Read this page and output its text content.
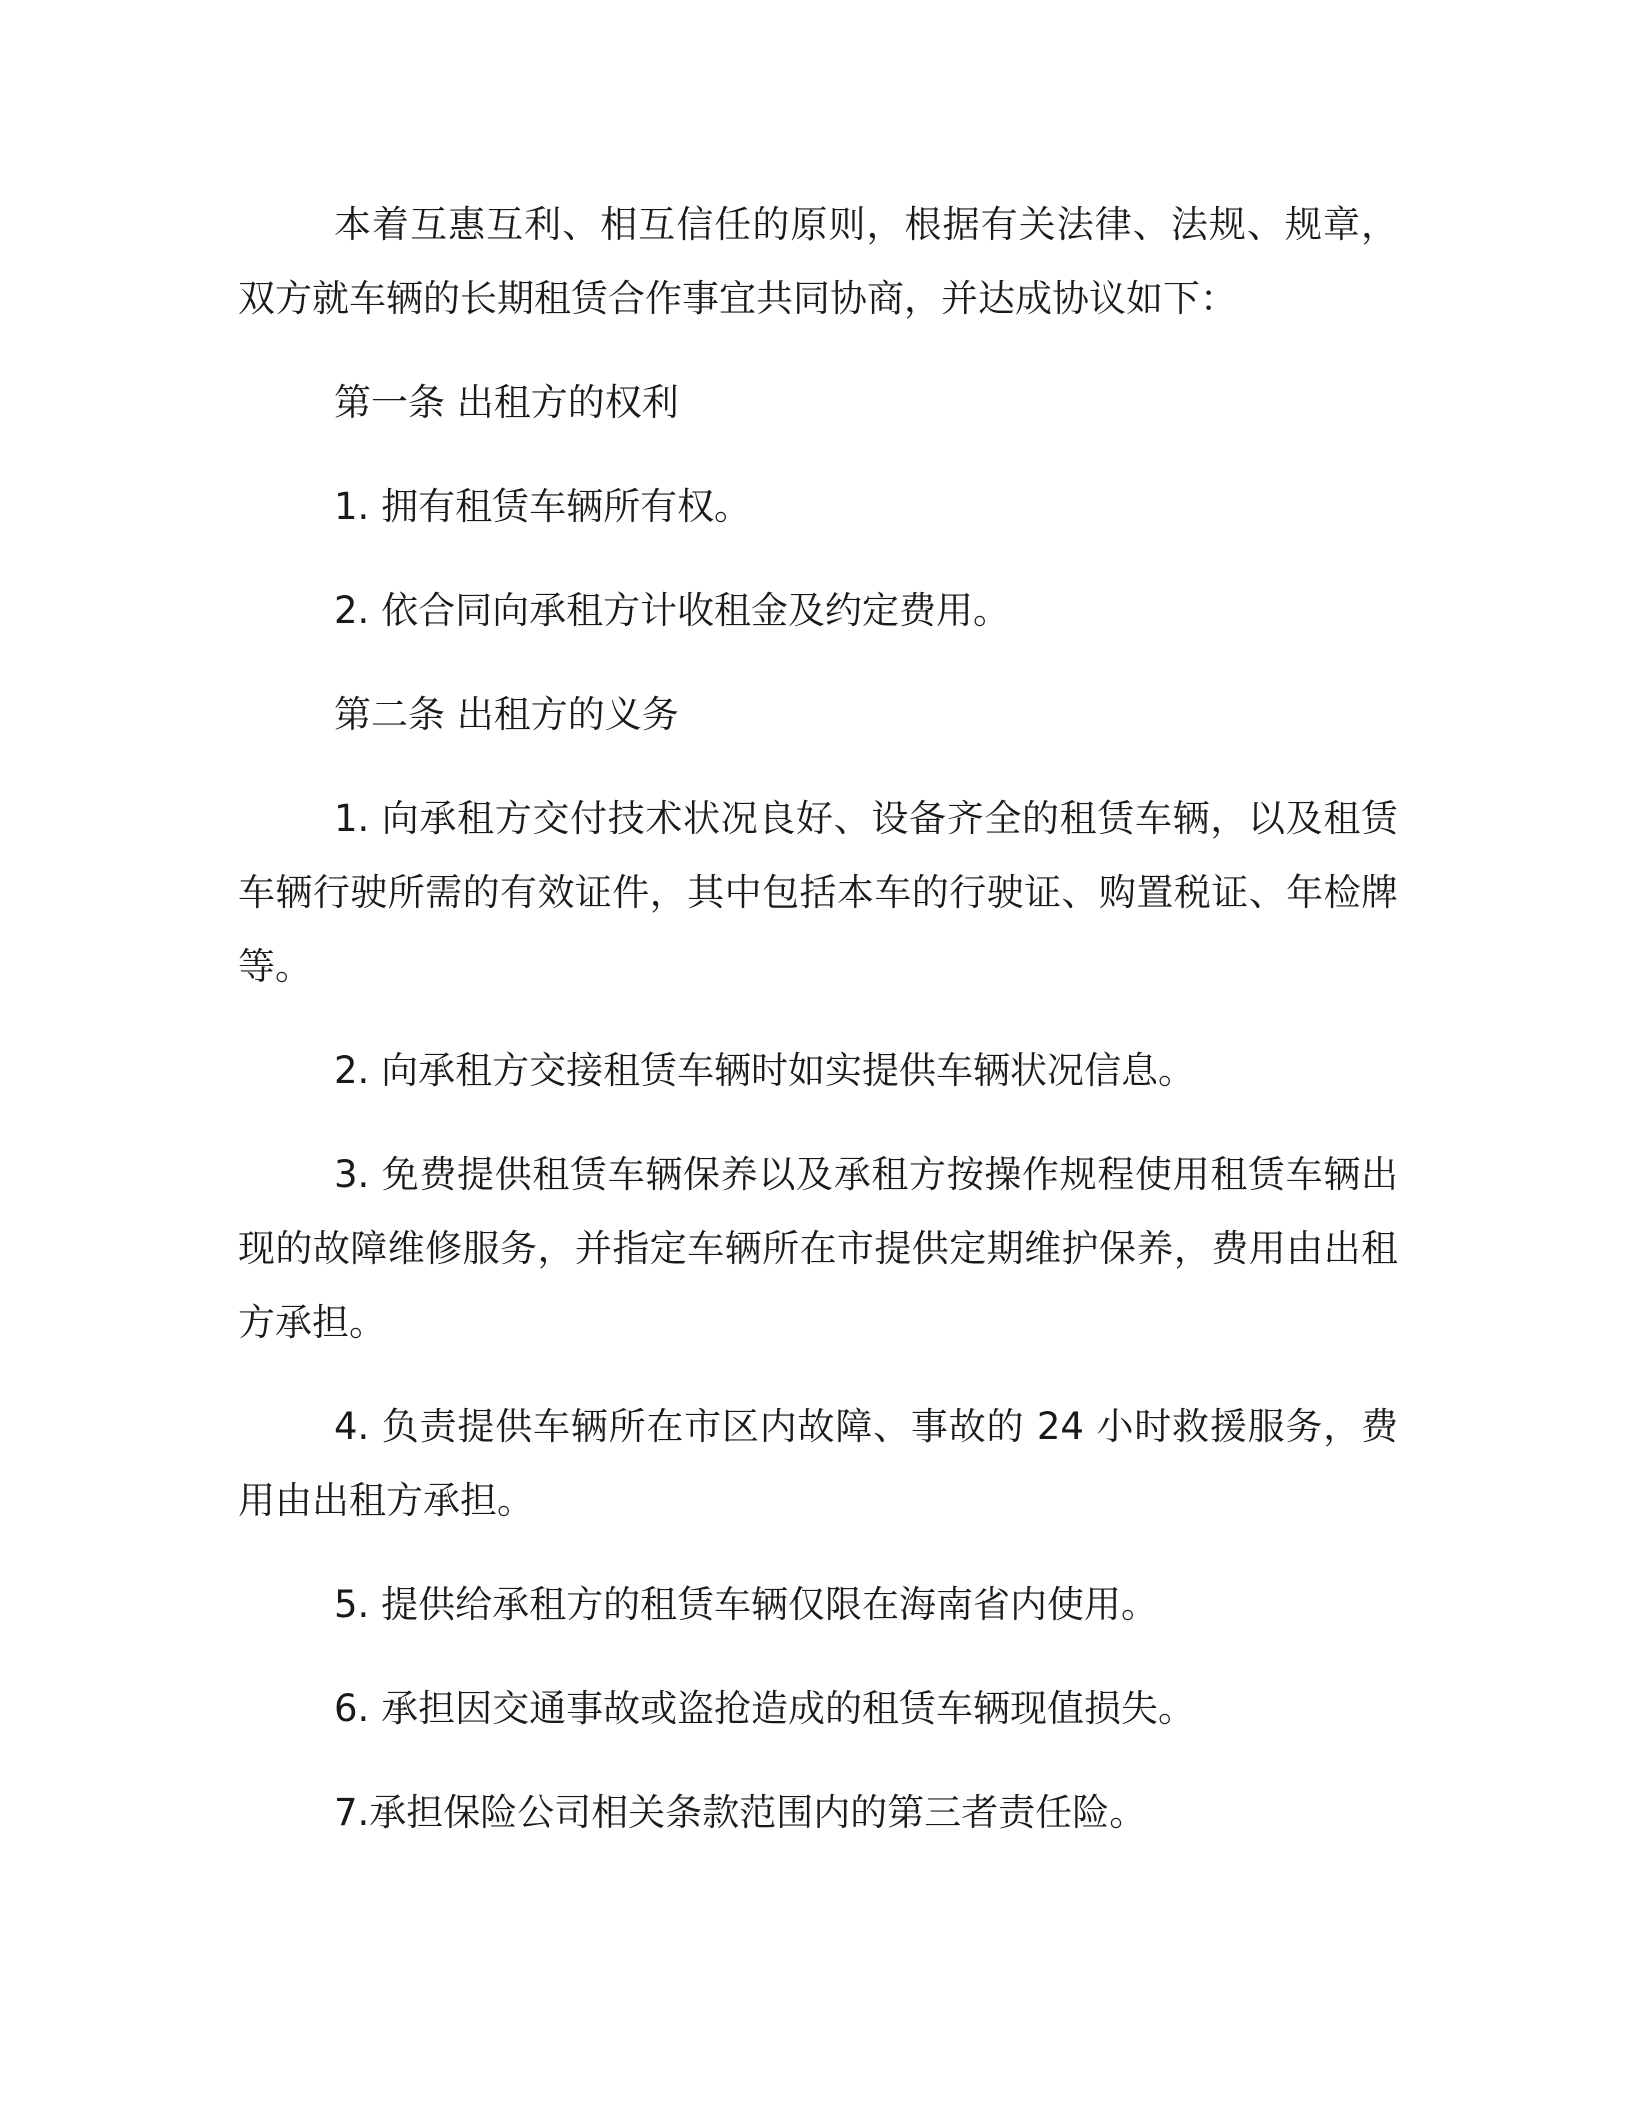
本着互惠互利、相互信任的原则，根据有关法律、法规、规章，双方就车辆的长期租赁合作事宜共同协商，并达成协议如下：

第一条 出租方的权利

1. 拥有租赁车辆所有权。

2. 依合同向承租方计收租金及约定费用。

第二条 出租方的义务

1. 向承租方交付技术状况良好、设备齐全的租赁车辆，以及租赁车辆行驶所需的有效证件，其中包括本车的行驶证、购置税证、年检牌等。

2. 向承租方交接租赁车辆时如实提供车辆状况信息。

3. 免费提供租赁车辆保养以及承租方按操作规程使用租赁车辆出现的故障维修服务，并指定车辆所在市提供定期维护保养，费用由出租方承担。

4. 负责提供车辆所在市区内故障、事故的 24 小时救援服务，费用由出租方承担。

5. 提供给承租方的租赁车辆仅限在海南省内使用。

6. 承担因交通事故或盗抢造成的租赁车辆现值损失。

7.承担保险公司相关条款范围内的第三者责任险。
